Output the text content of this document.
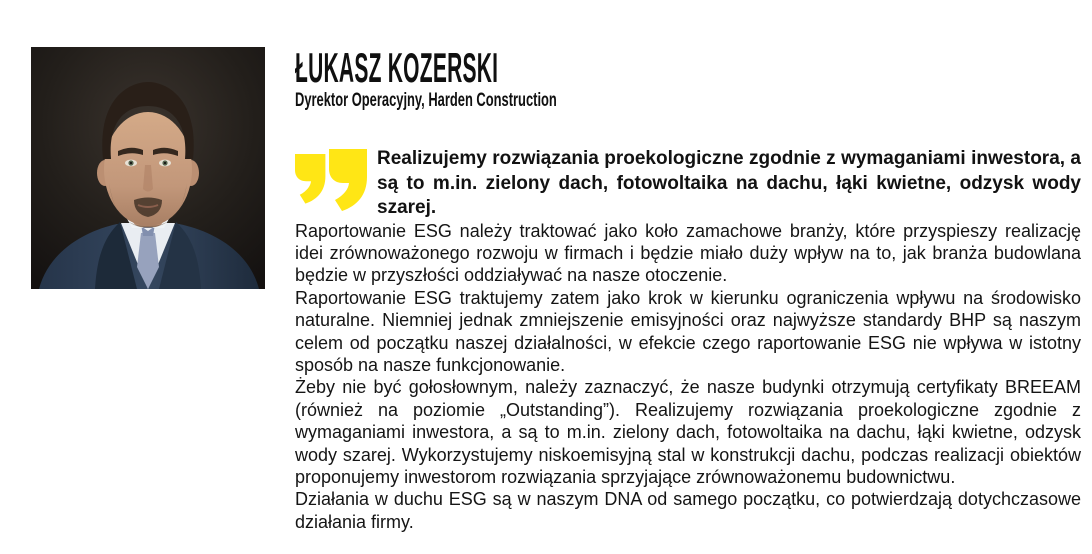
ŁUKASZ KOZERSKI
Dyrektor Operacyjny, Harden Construction
Realizujemy rozwiązania proekologiczne zgodnie z wymaganiami inwestora, a są to m.in. zielony dach, fotowoltaika na dachu, łąki kwietne, odzysk wody szarej.

Raportowanie ESG należy traktować jako koło zamachowe branży, które przyspieszy realizację idei zrównoważonego rozwoju w firmach i będzie miało duży wpływ na to, jak branża budowlana będzie w przyszłości oddziaływać na nasze otoczenie.

Raportowanie ESG traktujemy zatem jako krok w kierunku ograniczenia wpływu na środowisko naturalne. Niemniej jednak zmniejszenie emisyjności oraz najwyższe standardy BHP są naszym celem od początku naszej działalności, w efekcie czego raportowanie ESG nie wpływa w istotny sposób na nasze funkcjonowanie.

Żeby nie być gołosłownym, należy zaznaczyć, że nasze budynki otrzymują certyfikaty BREEAM (również na poziomie „Outstanding”). Realizujemy rozwiązania proekologiczne zgodnie z wymaganiami inwestora, a są to m.in. zielony dach, fotowoltaika na dachu, łąki kwietne, odzysk wody szarej. Wykorzystujemy niskoemisyjną stal w konstrukcji dachu, podczas realizacji obiektów proponujemy inwestorom rozwiązania sprzyjające zrównoważonemu budownictwu.

Działania w duchu ESG są w naszym DNA od samego początku, co potwierdzają dotychczasowe działania firmy.
